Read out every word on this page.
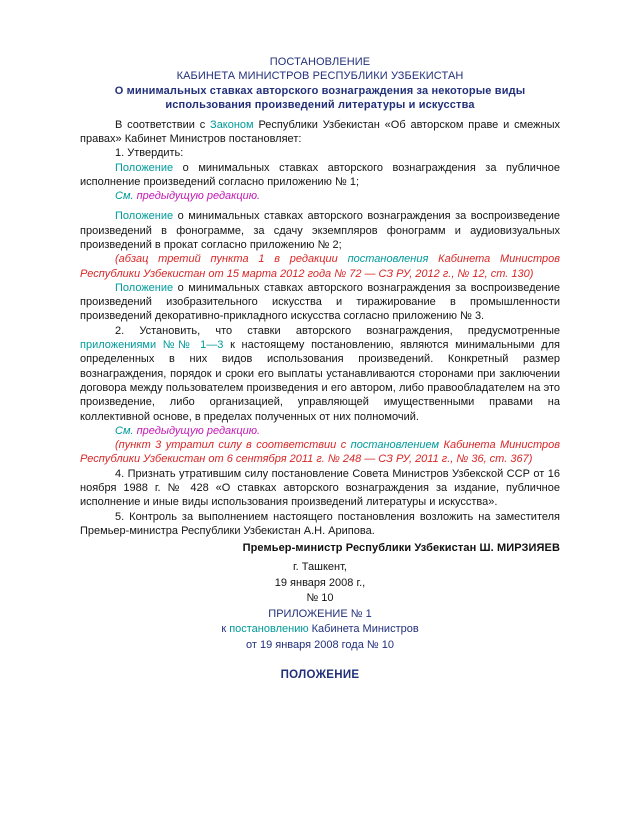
ПОСТАНОВЛЕНИЕ
КАБИНЕТА МИНИСТРОВ РЕСПУБЛИКИ УЗБЕКИСТАН
О минимальных ставках авторского вознаграждения за некоторые виды
использования произведений литературы и искусства

В соответствии с Законом Республики Узбекистан «Об авторском праве и смежных правах» Кабинет Министров постановляет:

1. Утвердить:

Положение о минимальных ставках авторского вознаграждения за публичное исполнение произведений согласно приложению № 1;

См. предыдущую редакцию.

Положение о минимальных ставках авторского вознаграждения за воспроизведение произведений в фонограмме, за сдачу экземпляров фонограмм и аудиовизуальных произведений в прокат согласно приложению № 2;

(абзац третий пункта 1 в редакции постановления Кабинета Министров Республики Узбекистан от 15 марта 2012 года № 72 — СЗ РУ, 2012 г., № 12, ст. 130)

Положение о минимальных ставках авторского вознаграждения за воспроизведение произведений изобразительного искусства и тиражирование в промышленности произведений декоративно-прикладного искусства согласно приложению № 3.

2. Установить, что ставки авторского вознаграждения, предусмотренные приложениями №№ 1—3 к настоящему постановлению, являются минимальными для определенных в них видов использования произведений. Конкретный размер вознаграждения, порядок и сроки его выплаты устанавливаются сторонами при заключении договора между пользователем произведения и его автором, либо правообладателем на это произведение, либо организацией, управляющей имущественными правами на коллективной основе, в пределах полученных от них полномочий.

См. предыдущую редакцию.

(пункт 3 утратил силу в соответствии с постановлением Кабинета Министров Республики Узбекистан от 6 сентября 2011 г. № 248 — СЗ РУ, 2011 г., № 36, ст. 367)

4. Признать утратившим силу постановление Совета Министров Узбекской ССР от 16 ноября 1988 г. № 428 «О ставках авторского вознаграждения за издание, публичное исполнение и иные виды использования произведений литературы и искусства».

5. Контроль за выполнением настоящего постановления возложить на заместителя Премьер-министра Республики Узбекистан А.Н. Арипова.

Премьер-министр Республики Узбекистан Ш. МИРЗИЯЕВ
г. Ташкент,
19 января 2008 г.,
№ 10
ПРИЛОЖЕНИЕ № 1
к постановлению Кабинета Министров
от 19 января 2008 года № 10
ПОЛОЖЕНИЕ
